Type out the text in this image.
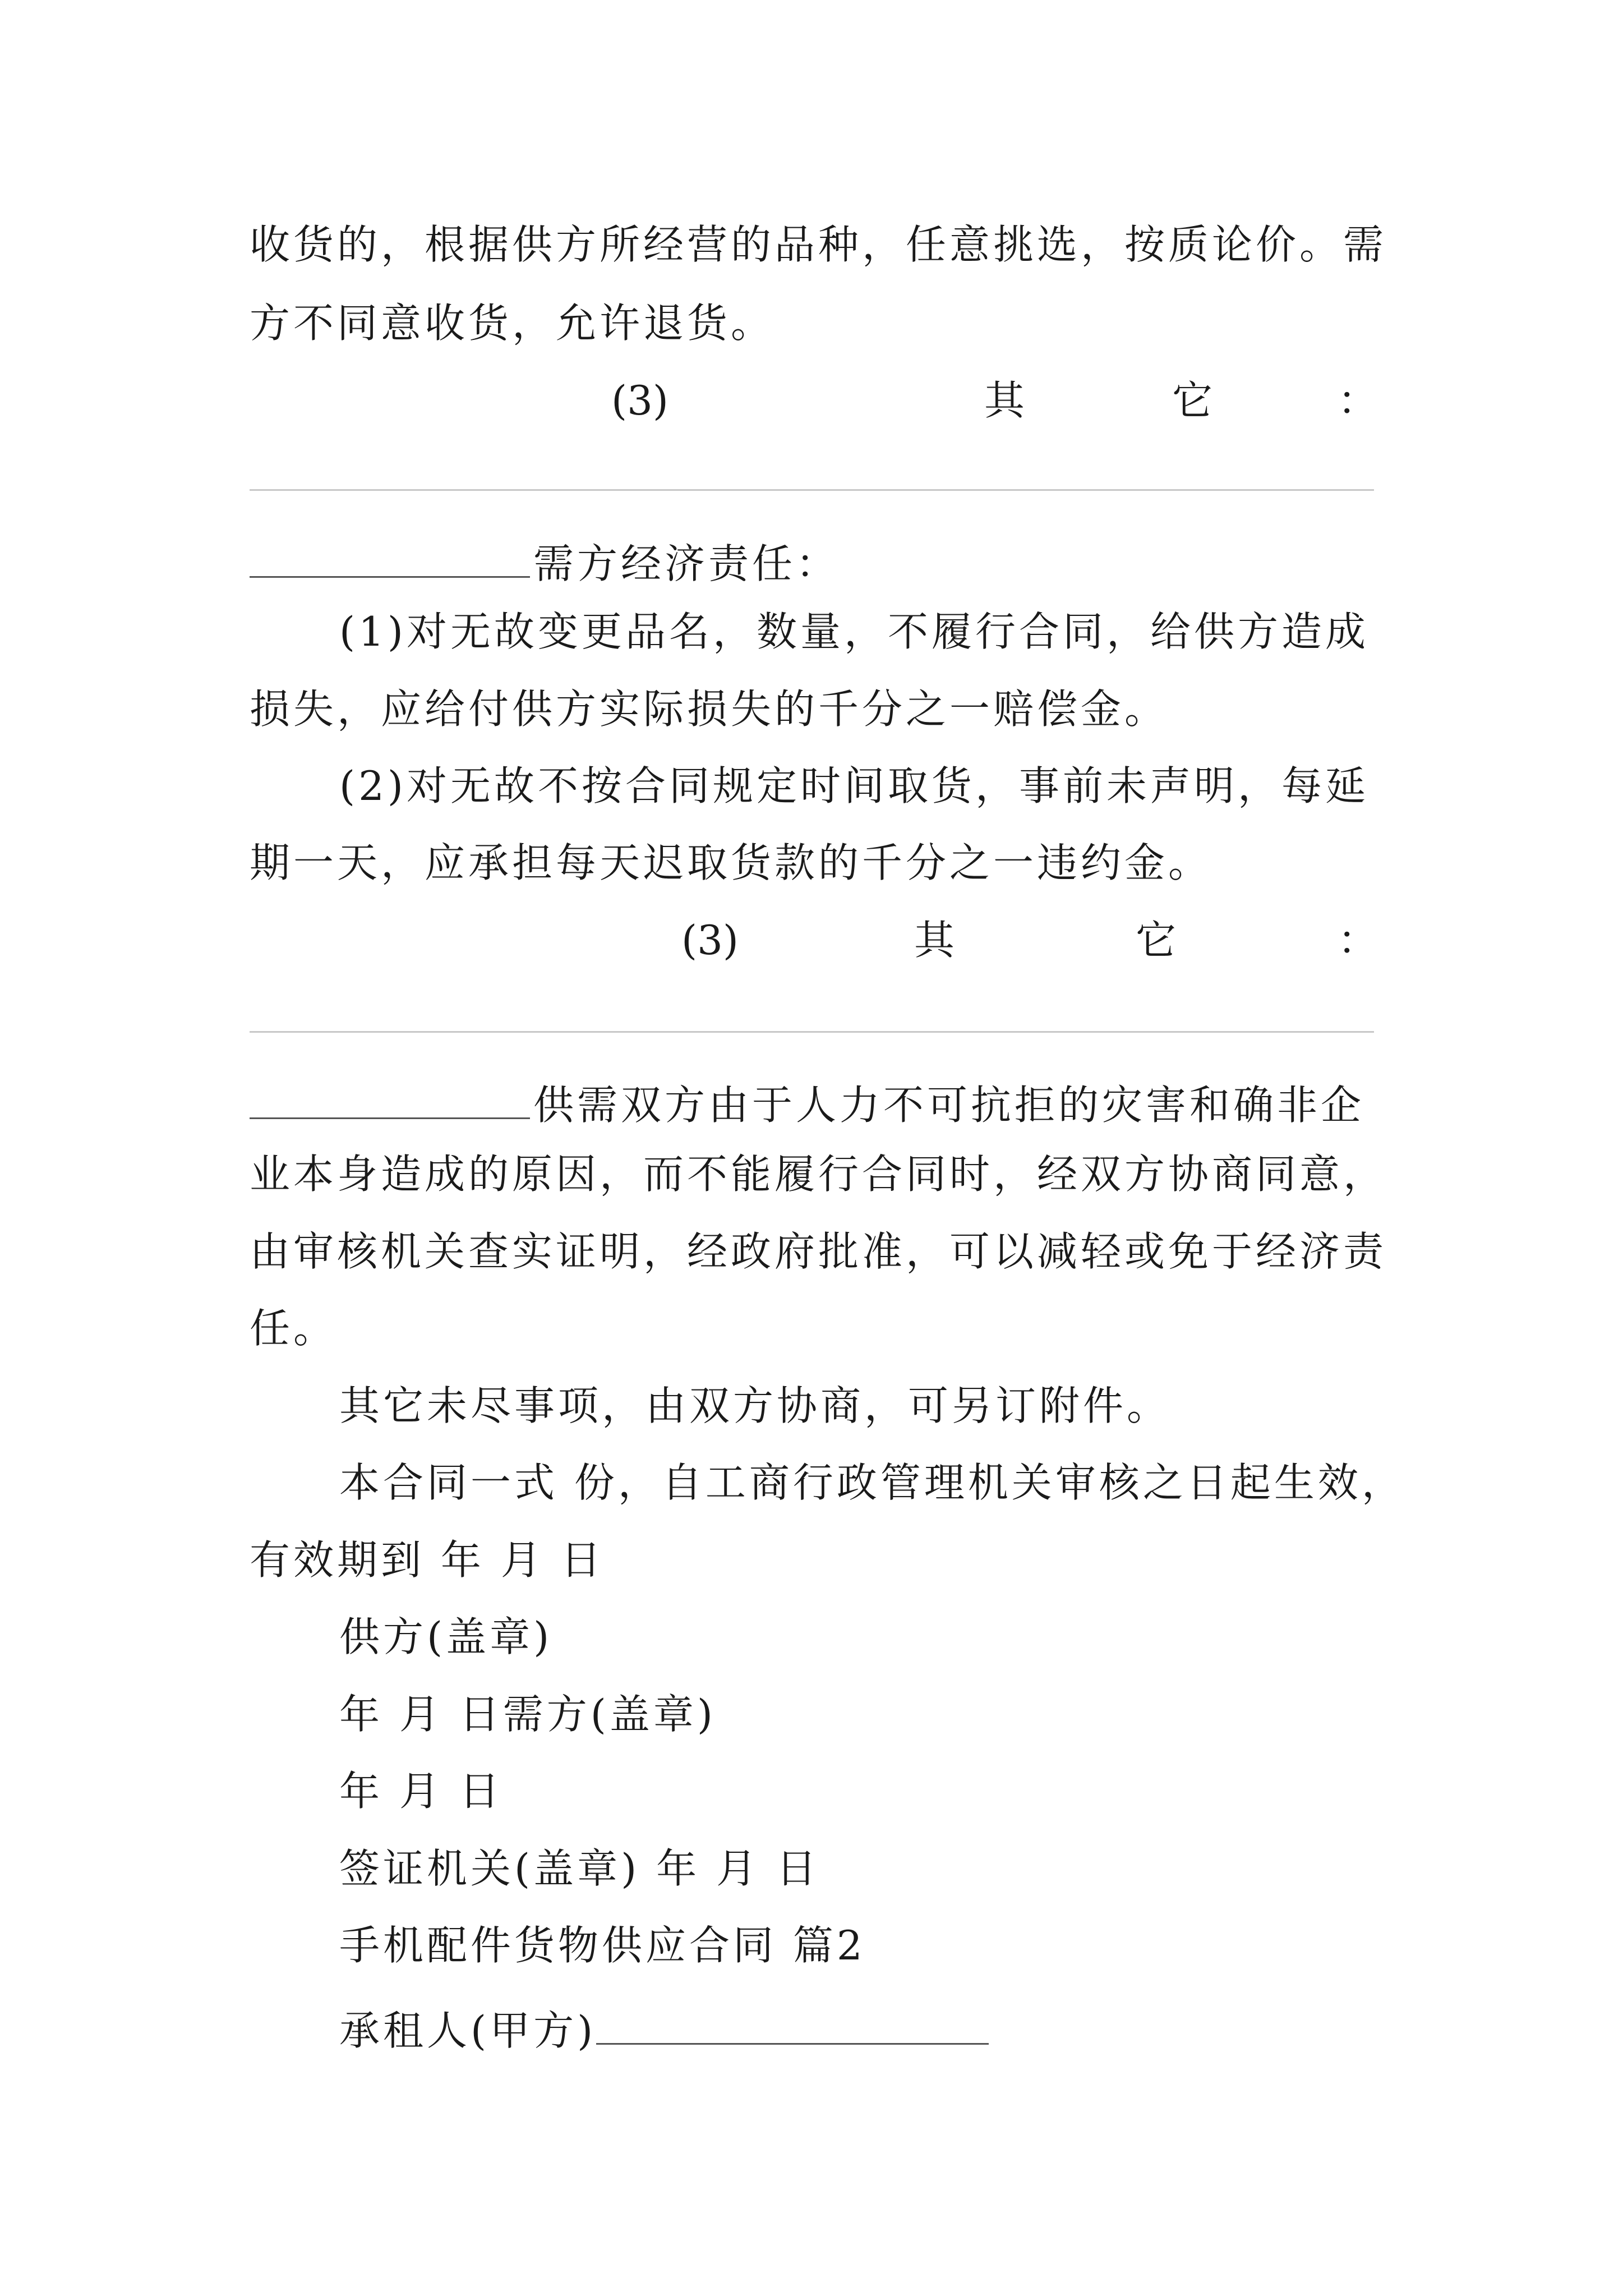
收货的，根据供方所经营的品种，任意挑选，按质论价。需
方不同意收货，允许退货。
(3)	其	它	：
需方经济责任：
(1)对无故变更品名，数量，不履行合同，给供方造成
损失，应给付供方实际损失的千分之一赔偿金。
(2)对无故不按合同规定时间取货，事前未声明，每延
期一天，应承担每天迟取货款的千分之一违约金。
(3)	其	它	：
供需双方由于人力不可抗拒的灾害和确非企
业本身造成的原因，而不能履行合同时，经双方协商同意，
由审核机关查实证明，经政府批准，可以减轻或免于经济责
任。
其它未尽事项，由双方协商，可另订附件。
本合同一式 份，自工商行政管理机关审核之日起生效，
有效期到 年 月 日
供方(盖章)
年 月 日需方(盖章)
年 月 日
签证机关(盖章) 年 月 日
手机配件货物供应合同 篇2
承租人(甲方)
